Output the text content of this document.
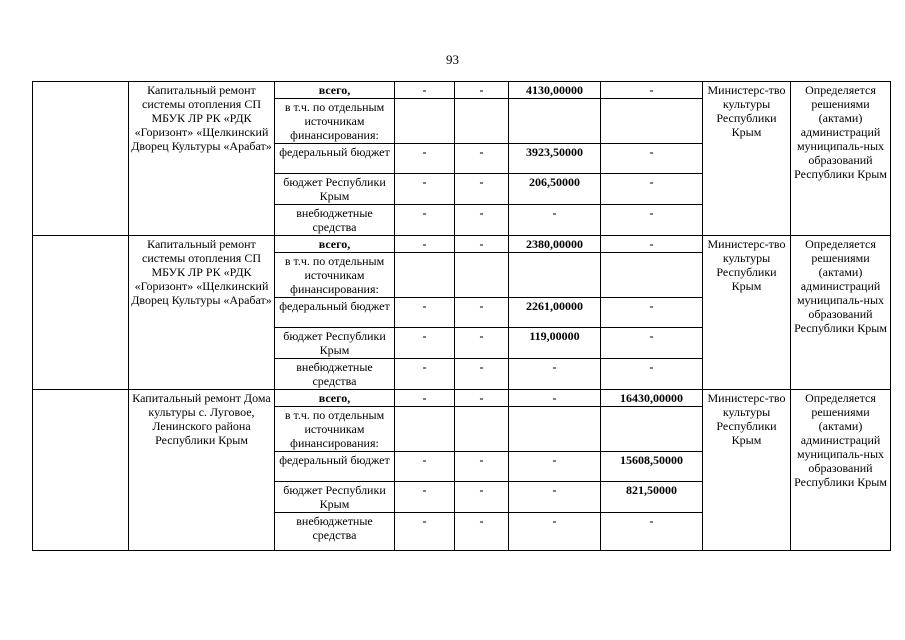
93
	Капитальный ремонт системы отопления СП МБУК ЛР РК «РДК «Горизонт» «Щелкинский Дворец Культуры «Арабат»	всего,	-	-	4130,00000	-	Министерс-тво культуры Республики Крым	Определяется решениями (актами) администраций муниципаль-ных образований Республики Крым
		в т.ч. по отдельным источникам финансирования:						
		федеральный бюджет	-	-	3923,50000	-		
		бюджет Республики Крым	-	-	206,50000	-		
		внебюджетные средства	-	-	-	-		
	Капитальный ремонт системы отопления СП МБУК ЛР РК «РДК «Горизонт» «Щелкинский Дворец Культуры «Арабат»	всего,	-	-	2380,00000	-	Министерс-тво культуры Республики Крым	Определяется решениями (актами) администраций муниципаль-ных образований Республики Крым
		в т.ч. по отдельным источникам финансирования:						
		федеральный бюджет	-	-	2261,00000	-		
		бюджет Республики Крым	-	-	119,00000	-		
		внебюджетные средства	-	-	-	-		
	Капитальный ремонт Дома культуры с. Луговое, Ленинского района Республики Крым	всего,	-	-	-	16430,00000	Министерс-тво культуры Республики Крым	Определяется решениями (актами) администраций муниципаль-ных образований Республики Крым
		в т.ч. по отдельным источникам финансирования:						
		федеральный бюджет	-	-	-	15608,50000		
		бюджет Республики Крым	-	-	-	821,50000		
		внебюджетные средства	-	-	-	-		
